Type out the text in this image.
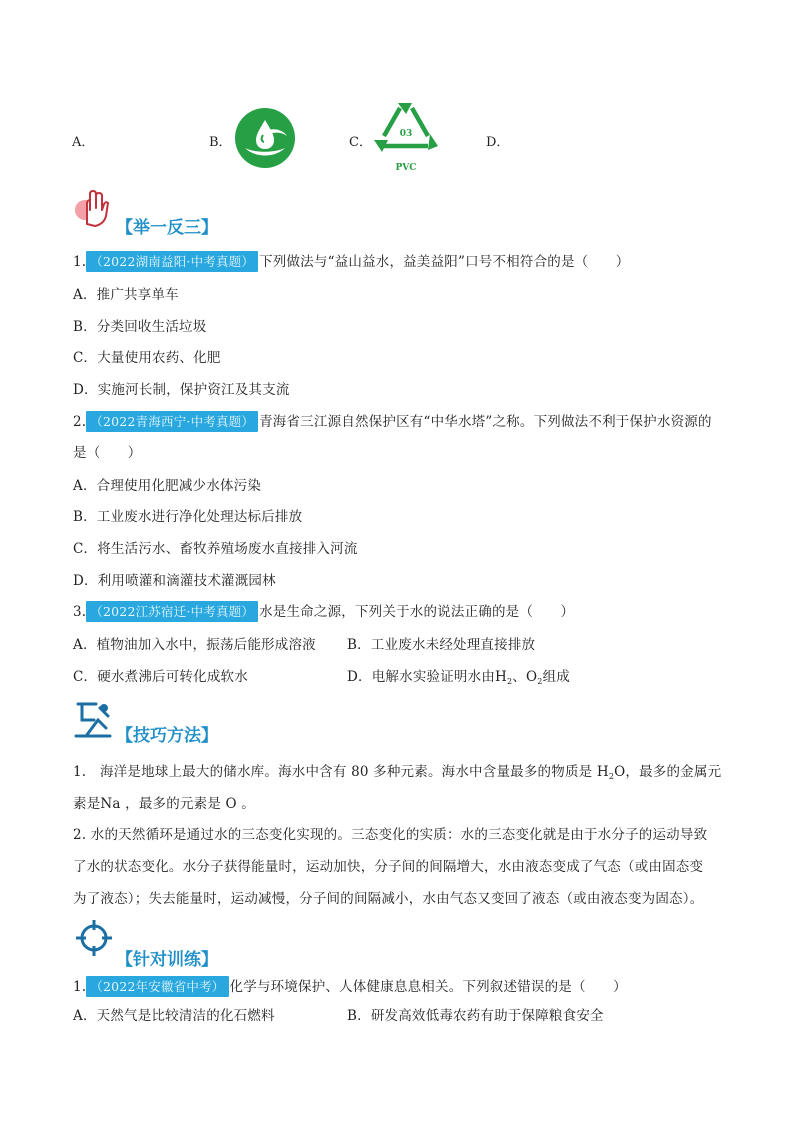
A．	B．	C．
03
PVC
D．
【举一反三】
1. （2022湖南益阳·中考真题） 下列做法与“益山益水，益美益阳”口号不相符合的是（　　）
A．推广共享单车
B．分类回收生活垃圾
C．大量使用农药、化肥
D．实施河长制，保护资江及其支流
2. （2022青海西宁·中考真题） 青海省三江源自然保护区有“中华水塔”之称。下列做法不利于保护水资源的
是（　　）
A．合理使用化肥减少水体污染
B．工业废水进行净化处理达标后排放
C．将生活污水、畜牧养殖场废水直接排入河流
D．利用喷灌和滴灌技术灌溉园林
3. （2022江苏宿迁·中考真题） 水是生命之源，下列关于水的说法正确的是（　　）
A．植物油加入水中，振荡后能形成溶液 B．工业废水未经处理直接排放
C．硬水煮沸后可转化成软水	D．电解水实验证明水由$H_2$、$O_2$组成
【技巧方法】
1.　海洋是地球上最大的储水库。海水中含有 80 多种元素。海水中含量最多的物质是 $H_2O$，最多的金属元
素是Na ，最多的元素是 O 。
2. 水的天然循环是通过水的三态变化实现的。三态变化的实质：水的三态变化就是由于水分子的运动导致
了水的状态变化。水分子获得能量时，运动加快，分子间的间隔增大，水由液态变成了气态（或由固态变
为了液态）；失去能量时，运动减慢，分子间的间隔减小，水由气态又变回了液态（或由液态变为固态）。
【针对训练】
1. （2022年安徽省中考） 化学与环境保护、人体健康息息相关。下列叙述错误的是（　　）
A．天然气是比较清洁的化石燃料	B．研发高效低毒农药有助于保障粮食安全
